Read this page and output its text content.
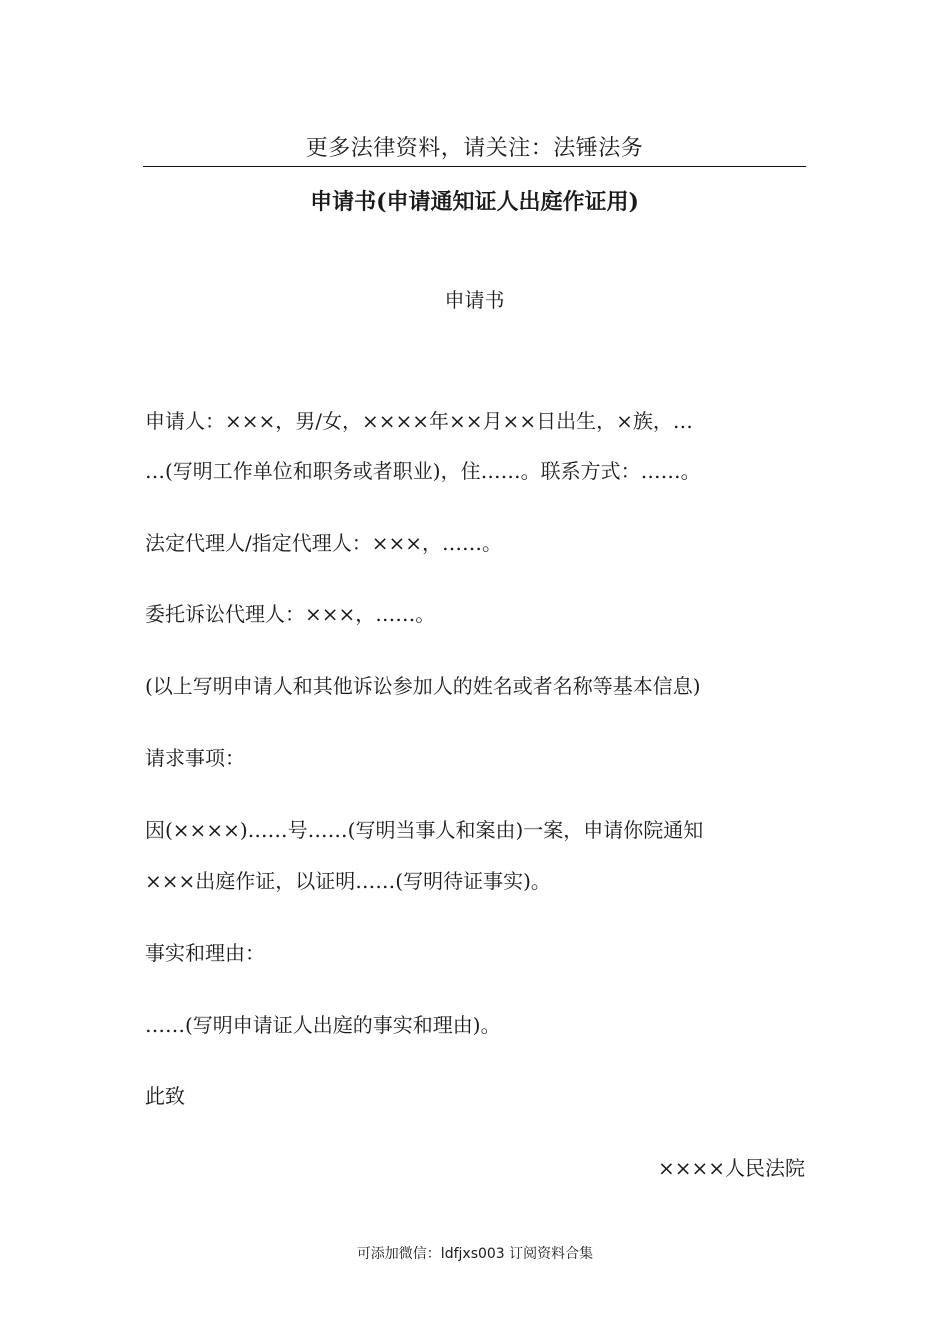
更多法律资料，请关注：法锤法务
申请书(申请通知证人出庭作证用)
申请书

申请人：×××，男/女，××××年××月××日出生，×族，…

…(写明工作单位和职务或者职业)，住……。联系方式：……。

法定代理人/指定代理人：×××，……。

委托诉讼代理人：×××，……。

(以上写明申请人和其他诉讼参加人的姓名或者名称等基本信息)

请求事项：

因(××××)……号……(写明当事人和案由)一案，申请你院通知

×××出庭作证，以证明……(写明待证事实)。

事实和理由：

……(写明申请证人出庭的事实和理由)。

此致

××××人民法院

可添加微信：ldfjxs003 订阅资料合集
